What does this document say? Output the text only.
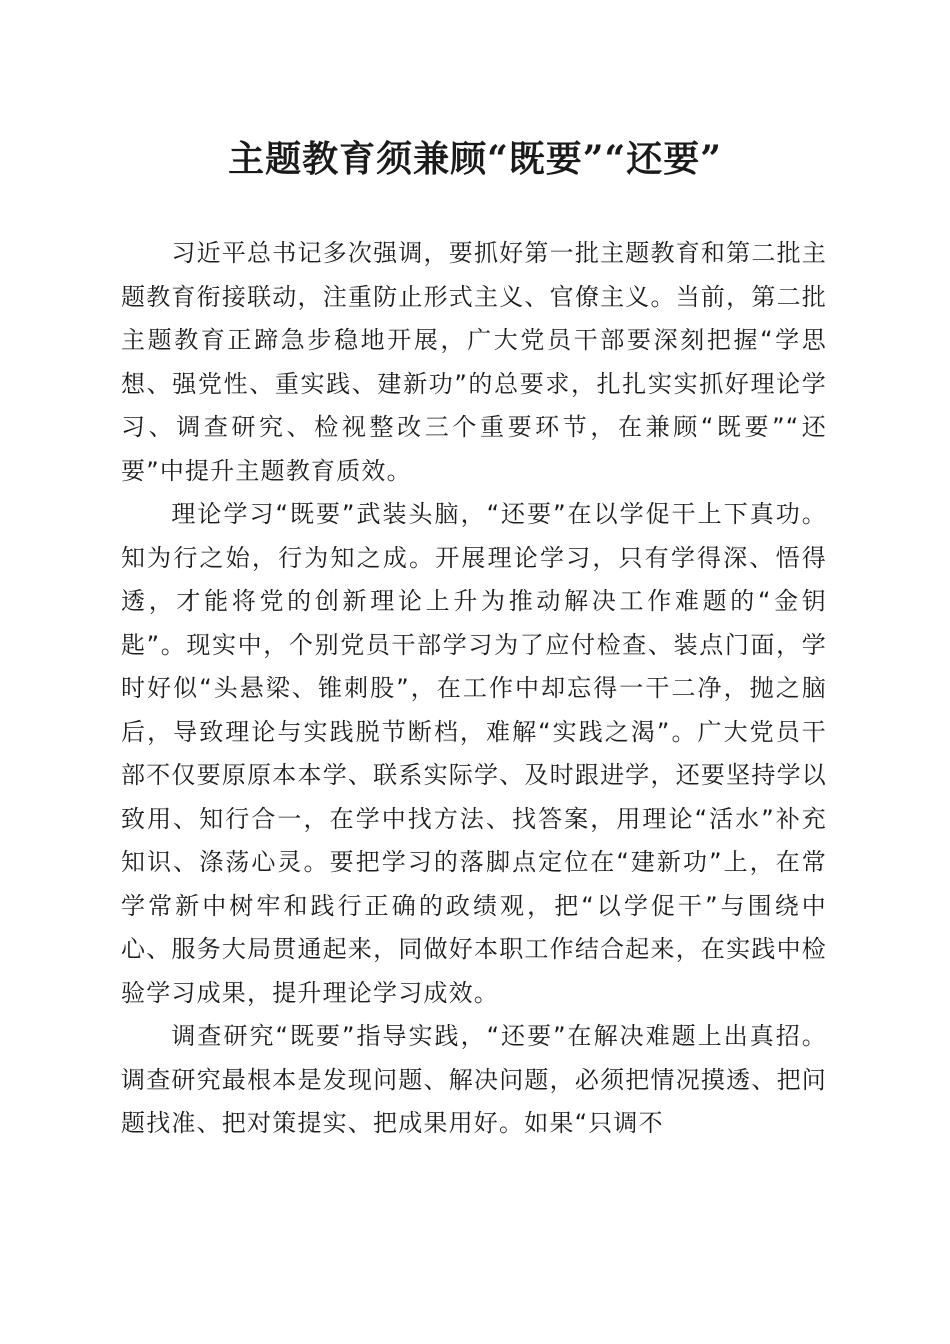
主题教育须兼顾“既要”“还要”

习近平总书记多次强调，要抓好第一批主题教育和第二批主题教育衔接联动，注重防止形式主义、官僚主义。当前，第二批主题教育正蹄急步稳地开展，广大党员干部要深刻把握“学思想、强党性、重实践、建新功”的总要求，扎扎实实抓好理论学习、调查研究、检视整改三个重要环节，在兼顾“既要”“还要”中提升主题教育质效。

理论学习“既要”武装头脑，“还要”在以学促干上下真功。知为行之始，行为知之成。开展理论学习，只有学得深、悟得透，才能将党的创新理论上升为推动解决工作难题的“金钥匙”。现实中，个别党员干部学习为了应付检查、装点门面，学时好似“头悬梁、锥刺股”，在工作中却忘得一干二净，抛之脑后，导致理论与实践脱节断档，难解“实践之渴”。广大党员干部不仅要原原本本学、联系实际学、及时跟进学，还要坚持学以致用、知行合一，在学中找方法、找答案，用理论“活水”补充知识、涤荡心灵。要把学习的落脚点定位在“建新功”上，在常学常新中树牢和践行正确的政绩观，把“以学促干”与围绕中心、服务大局贯通起来，同做好本职工作结合起来，在实践中检验学习成果，提升理论学习成效。

调查研究“既要”指导实践，“还要”在解决难题上出真招。调查研究最根本是发现问题、解决问题，必须把情况摸透、把问题找准、把对策提实、把成果用好。如果“只调不
